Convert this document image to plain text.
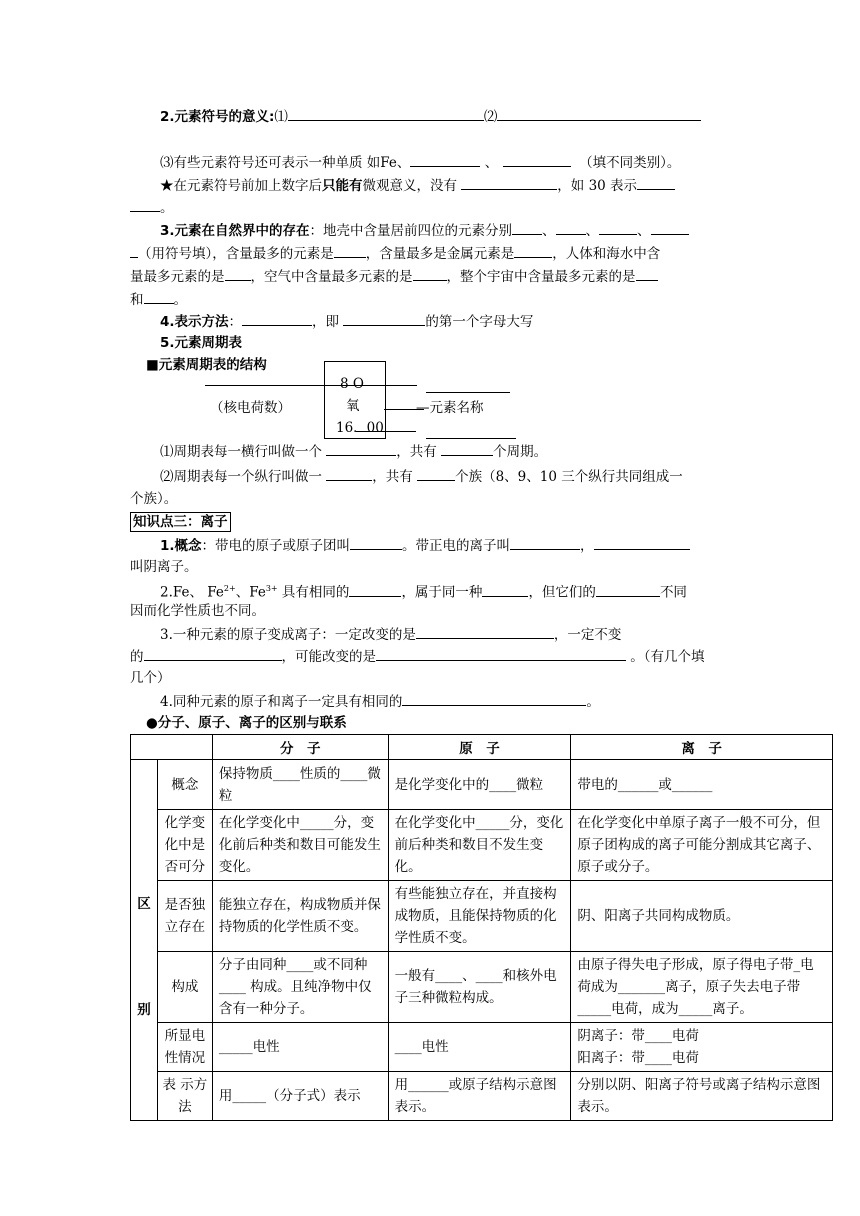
2.元素符号的意义:⑴	⑵
⑶有些元素符号还可表示一种单质 如Fe、	、	（填不同类别）。
★在元素符号前加上数字后只能有微观意义，没有	，如 30 表示
。
3.元素在自然界中的存在：地壳中含量居前四位的元素分别 、 、	、
（用符号填），含量最多的元素是 ，含量最多是金属元素是	，人体和海水中含
量最多元素的是 ，空气中含量最多元素的是	，整个宇宙中含量最多元素的是
和 。
4.表示方法：	，即	的第一个字母大写
5.元素周期表
■元素周期表的结构
8 O
氧
16．00
（核电荷数）	—元素名称
⑴周期表每一横行叫做一个	，共有	个周期。
⑵周期表每一个纵行叫做一	，共有	个族（8、9、10 三个纵行共同组成一
个族）。
知识点三：离子
1.概念：带电的原子或原子团叫	。带正电的离子叫	，
叫阴离子。
2.Fe、 $Fe^{2+}$、$Fe^{3+}$ 具有相同的	，属于同一种	，但它们的	不同
因而化学性质也不同。
3.一种元素的原子变成离子：一定改变的是	，一定不变
的	，可能改变的是	。（有几个填
几个）
4.同种元素的原子和离子一定具有相同的	。
●分子、原子、离子的区别与联系
		分　子	原　子	离　子

区
别	概念	保持物质____性质的____微粒	是化学变化中的____微粒	带电的______或______
	化学变化中是否可分	在化学变化中_____分，变化前后种类和数目可能发生变化。	在化学变化中_____分，变化前后种类和数目不发生变化。	在化学变化中单原子离子一般不可分，但原子团构成的离子可能分割成其它离子、原子或分子。
	是否独立存在	能独立存在，构成物质并保持物质的化学性质不变。	有些能独立存在，并直接构成物质，且能保持物质的化学性质不变。	阴、阳离子共同构成物质。
	构成	分子由同种____或不同种____ 构成。且纯净物中仅含有一种分子。	一般有____、____和核外电子三种微粒构成。	由原子得失电子形成，原子得电子带_电荷成为_______离子，原子失去电子带_____电荷，成为_____离子。
	所显电性情况	_____电性	____电性	阴离子：带____电荷
阳离子：带____电荷
	表 示方 法	用_____（分子式）表示	用______或原子结构示意图表示。	分别以阴、阳离子符号或离子结构示意图表示。
